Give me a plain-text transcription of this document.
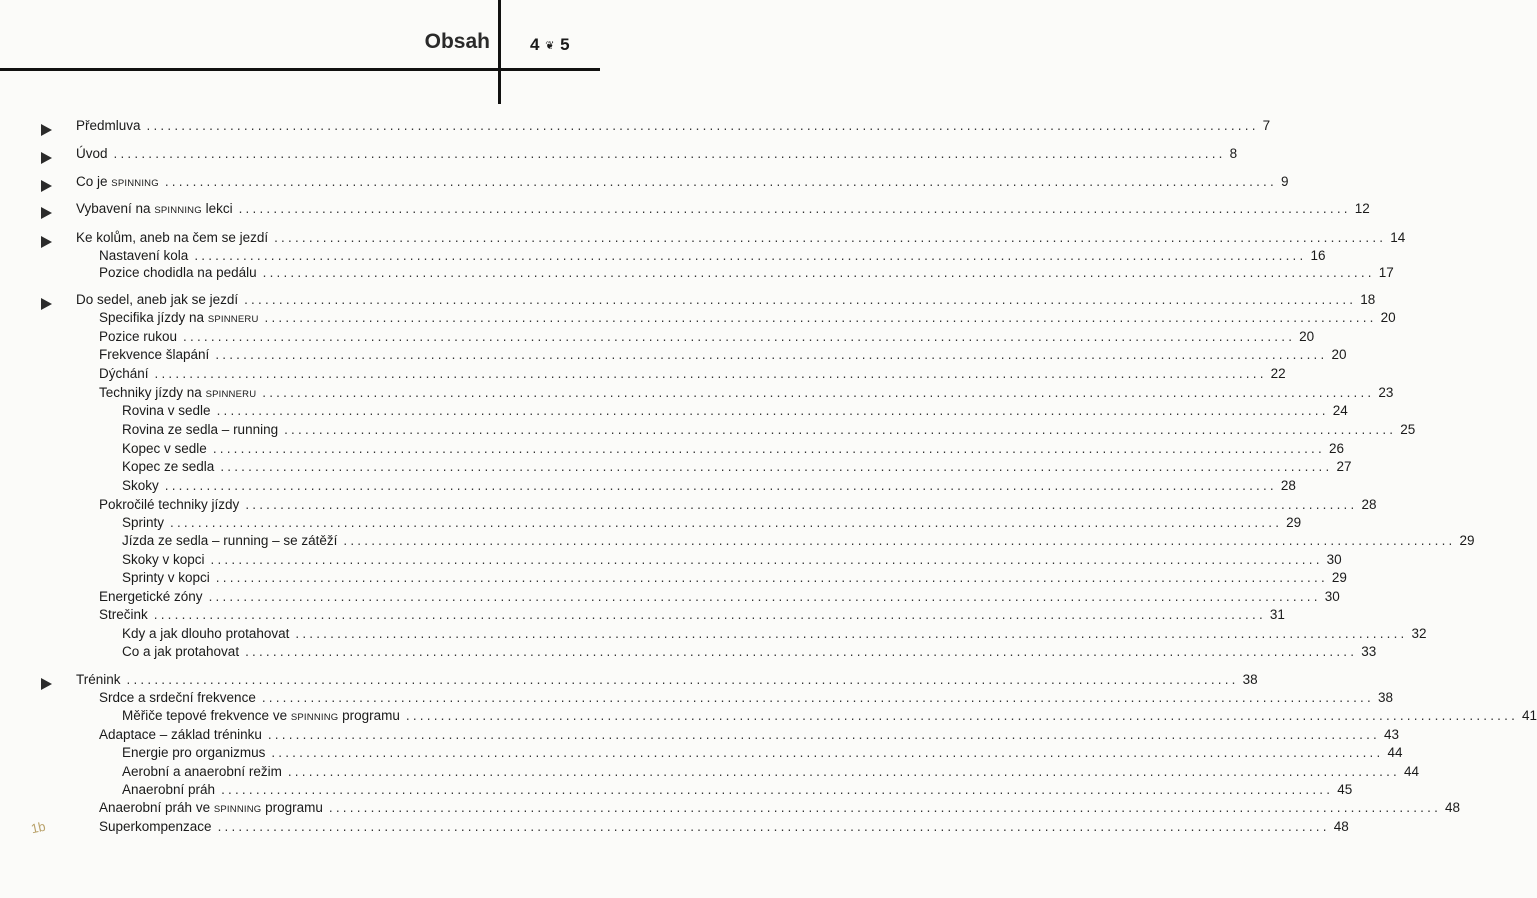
Obsah 4 ❦ 5
Předmluva ................................................................................................................................................................ 7
Úvod ................................................................................................................................................................ 8
Co je SPINNING ................................................................................................................................................................ 9
Vybavení na SPINNING lekci ................................................................................................................................................................ 12
Ke kolům, aneb na čem se jezdí ................................................................................................................................................................ 14
Nastavení kola ................................................................................................................................................................ 16
Pozice chodidla na pedálu ................................................................................................................................................................ 17
Do sedel, aneb jak se jezdí ................................................................................................................................................................ 18
Specifika jízdy na SPINNERU ................................................................................................................................................................ 20
Pozice rukou ................................................................................................................................................................ 20
Frekvence šlapání ................................................................................................................................................................ 20
Dýchání ................................................................................................................................................................ 22
Techniky jízdy na SPINNERU ................................................................................................................................................................ 23
Rovina v sedle ................................................................................................................................................................ 24
Rovina ze sedla – running ................................................................................................................................................................ 25
Kopec v sedle ................................................................................................................................................................ 26
Kopec ze sedla ................................................................................................................................................................ 27
Skoky ................................................................................................................................................................ 28
Pokročilé techniky jízdy ................................................................................................................................................................ 28
Sprinty ................................................................................................................................................................ 29
Jízda ze sedla – running – se zátěží ................................................................................................................................................................ 29
Skoky v kopci ................................................................................................................................................................ 30
Sprinty v kopci ................................................................................................................................................................ 29
Energetické zóny ................................................................................................................................................................ 30
Strečink ................................................................................................................................................................ 31
Kdy a jak dlouho protahovat ................................................................................................................................................................ 32
Co a jak protahovat ................................................................................................................................................................ 33
Trénink ................................................................................................................................................................ 38
Srdce a srdeční frekvence ................................................................................................................................................................ 38
Měřiče tepové frekvence ve SPINNING programu ................................................................................................................................................................ 41
Adaptace – základ tréninku ................................................................................................................................................................ 43
Energie pro organizmus ................................................................................................................................................................ 44
Aerobní a anaerobní režim ................................................................................................................................................................ 44
Anaerobní práh ................................................................................................................................................................ 45
Anaerobní práh ve SPINNING programu ................................................................................................................................................................ 48
Superkompenzace ................................................................................................................................................................ 48
1b
